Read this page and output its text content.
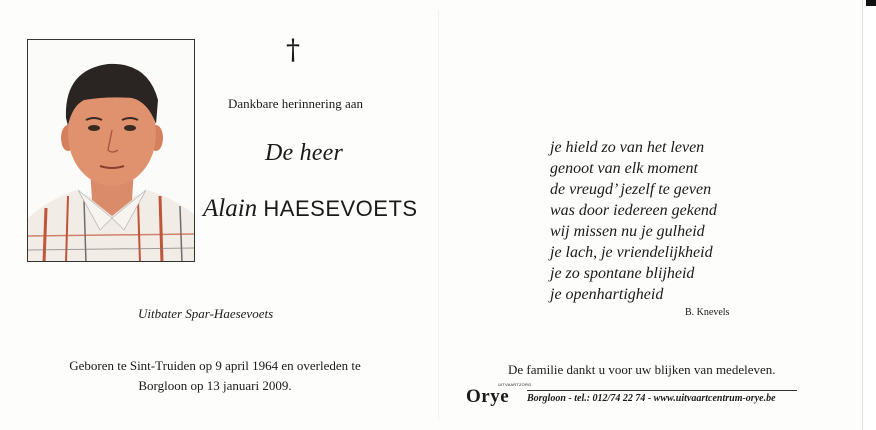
†
Dankbare herinnering aan
De heer
Alain HAESEVOETS
Uitbater Spar-Haesevoets
Geboren te Sint-Truiden op 9 april 1964 en overleden te Borgloon op 13 januari 2009.
je hield zo van het leven
genoot van elk moment
de vreugd’ jezelf te geven
was door iedereen gekend
wij missen nu je gulheid
je lach, je vriendelijkheid
je zo spontane blijheid
je openhartigheid
B. Knevels
De familie dankt u voor uw blijken van medeleven.
UITVAARTZORG
Orye Borgloon - tel.: 012/74 22 74 - www.uitvaartcentrum-orye.be
